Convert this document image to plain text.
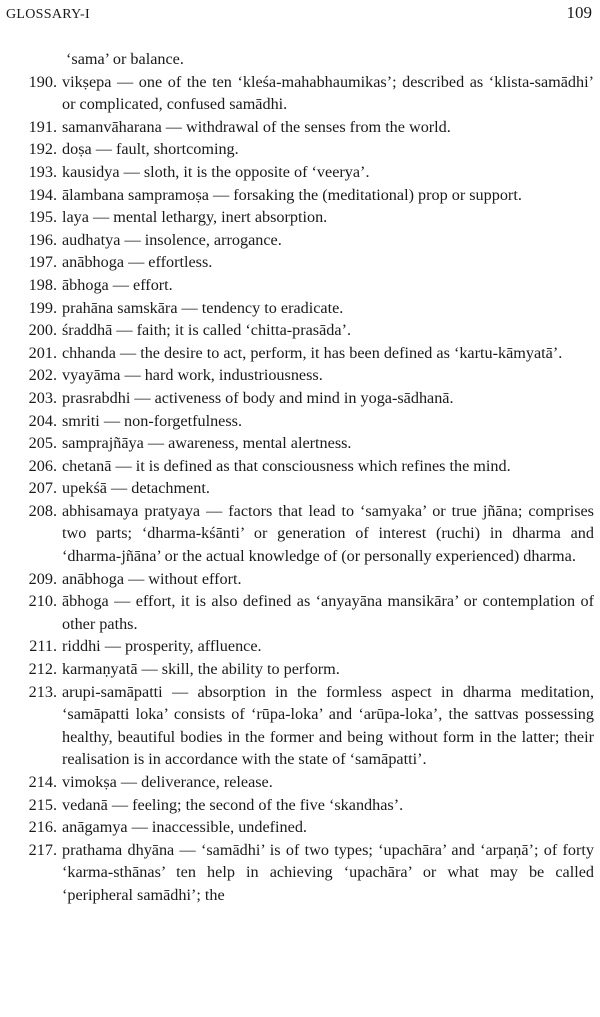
GLOSSARY-I	109
‘sama’ or balance.
190. vikṣepa — one of the ten ‘kleśa-mahabhaumikas’; described as ‘klista-samādhi’ or complicated, confused samādhi.
191. samanvāharana — withdrawal of the senses from the world.
192. doṣa — fault, shortcoming.
193. kausidya — sloth, it is the opposite of ‘veerya’.
194. ālambana sampramoṣa — forsaking the (meditational) prop or support.
195. laya — mental lethargy, inert absorption.
196. audhatya — insolence, arrogance.
197. anābhoga — effortless.
198. ābhoga — effort.
199. prahāna samskāra — tendency to eradicate.
200. śraddhā — faith; it is called ‘chitta-prasāda’.
201. chhanda — the desire to act, perform, it has been defined as ‘kartu-kāmyatā’.
202. vyayāma — hard work, industriousness.
203. prasrabdhi — activeness of body and mind in yoga-sādhanā.
204. smriti — non-forgetfulness.
205. samprajñāya — awareness, mental alertness.
206. chetanā — it is defined as that consciousness which refines the mind.
207. upekśā — detachment.
208. abhisamaya pratyaya — factors that lead to ‘samyaka’ or true jñāna; comprises two parts; ‘dharma-kśānti’ or generation of interest (ruchi) in dharma and ‘dharma-jñāna’ or the actual knowledge of (or personally experienced) dharma.
209. anābhoga — without effort.
210. ābhoga — effort, it is also defined as ‘anyayāna mansikāra’ or contemplation of other paths.
211. riddhi — prosperity, affluence.
212. karmaṇyatā — skill, the ability to perform.
213. arupi-samāpatti — absorption in the formless aspect in dharma meditation, ‘samāpatti loka’ consists of ‘rūpa-loka’ and ‘arūpa-loka’, the sattvas possessing healthy, beautiful bodies in the former and being without form in the latter; their realisation is in accordance with the state of ‘samāpatti’.
214. vimokṣa — deliverance, release.
215. vedanā — feeling; the second of the five ‘skandhas’.
216. anāgamya — inaccessible, undefined.
217. prathama dhyāna — ‘samādhi’ is of two types; ‘upachāra’ and ‘arpaṇā’; of forty ‘karma-sthānas’ ten help in achieving ‘upachāra’ or what may be called ‘peripheral samādhi’; the
